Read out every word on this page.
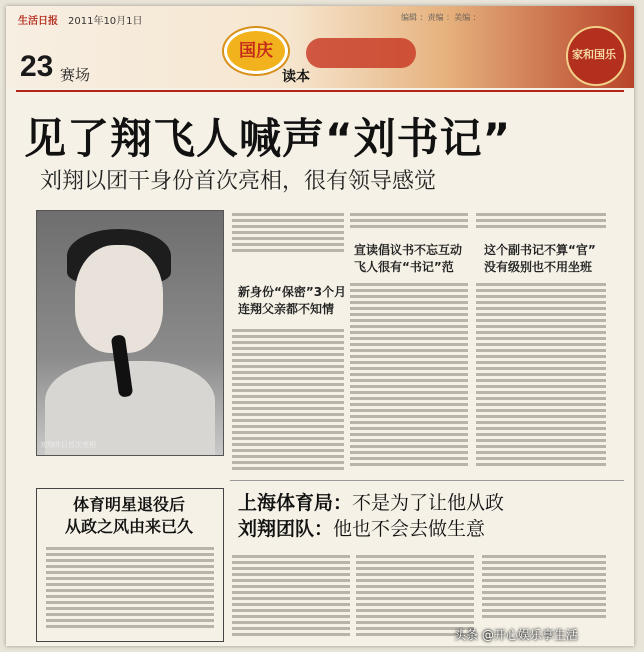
生活日报 2011年10月1日	编辑 ：责编 ：美编 ：
23 赛场
国庆
读本
家和国乐
见了翔飞人喊声“刘书记”
刘翔以团干身份首次亮相，很有领导感觉
刘翔昨日首次亮相
新身份“保密”3个月
连翔父亲都不知情
宣读倡议书不忘互动
飞人很有“书记”范
这个副书记不算“官”
没有级别也不用坐班
上海体育局：不是为了让他从政
刘翔团队：他也不会去做生意
体育明星退役后
从政之风由来已久
头条 @开心娱乐享生活
